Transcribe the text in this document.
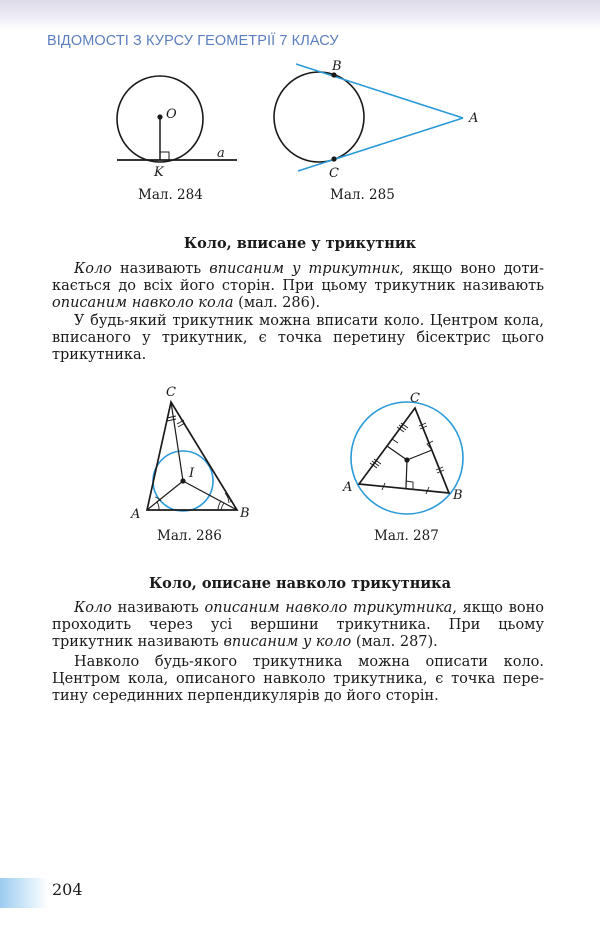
ВІДОМОСТІ З КУРСУ ГЕОМЕТРІЇ 7 КЛАСУ
O
K
a
Мал. 284
B
C
A
Мал. 285
Коло, вписане у трикутник

Коло називають вписаним у трикутник, якщо воно доти-кається до всіх його сторін. При цьому трикутник називають описаним навколо кола (мал. 286).

У будь-який трикутник можна вписати коло. Центром кола, вписаного у трикутник, є точка перетину бісектрис цього трикутника.

C
I
A	B
Мал. 286
C
A
B
Мал. 287
Коло, описане навколо трикутника

Коло називають описаним навколо трикутника, якщо воно проходить через усі вершини трикутника. При цьому трикутник називають вписаним у коло (мал. 287).

Навколо будь-якого трикутника можна описати коло. Центром кола, описаного навколо трикутника, є точка пере-тину серединних перпендикулярів до його сторін.

204
